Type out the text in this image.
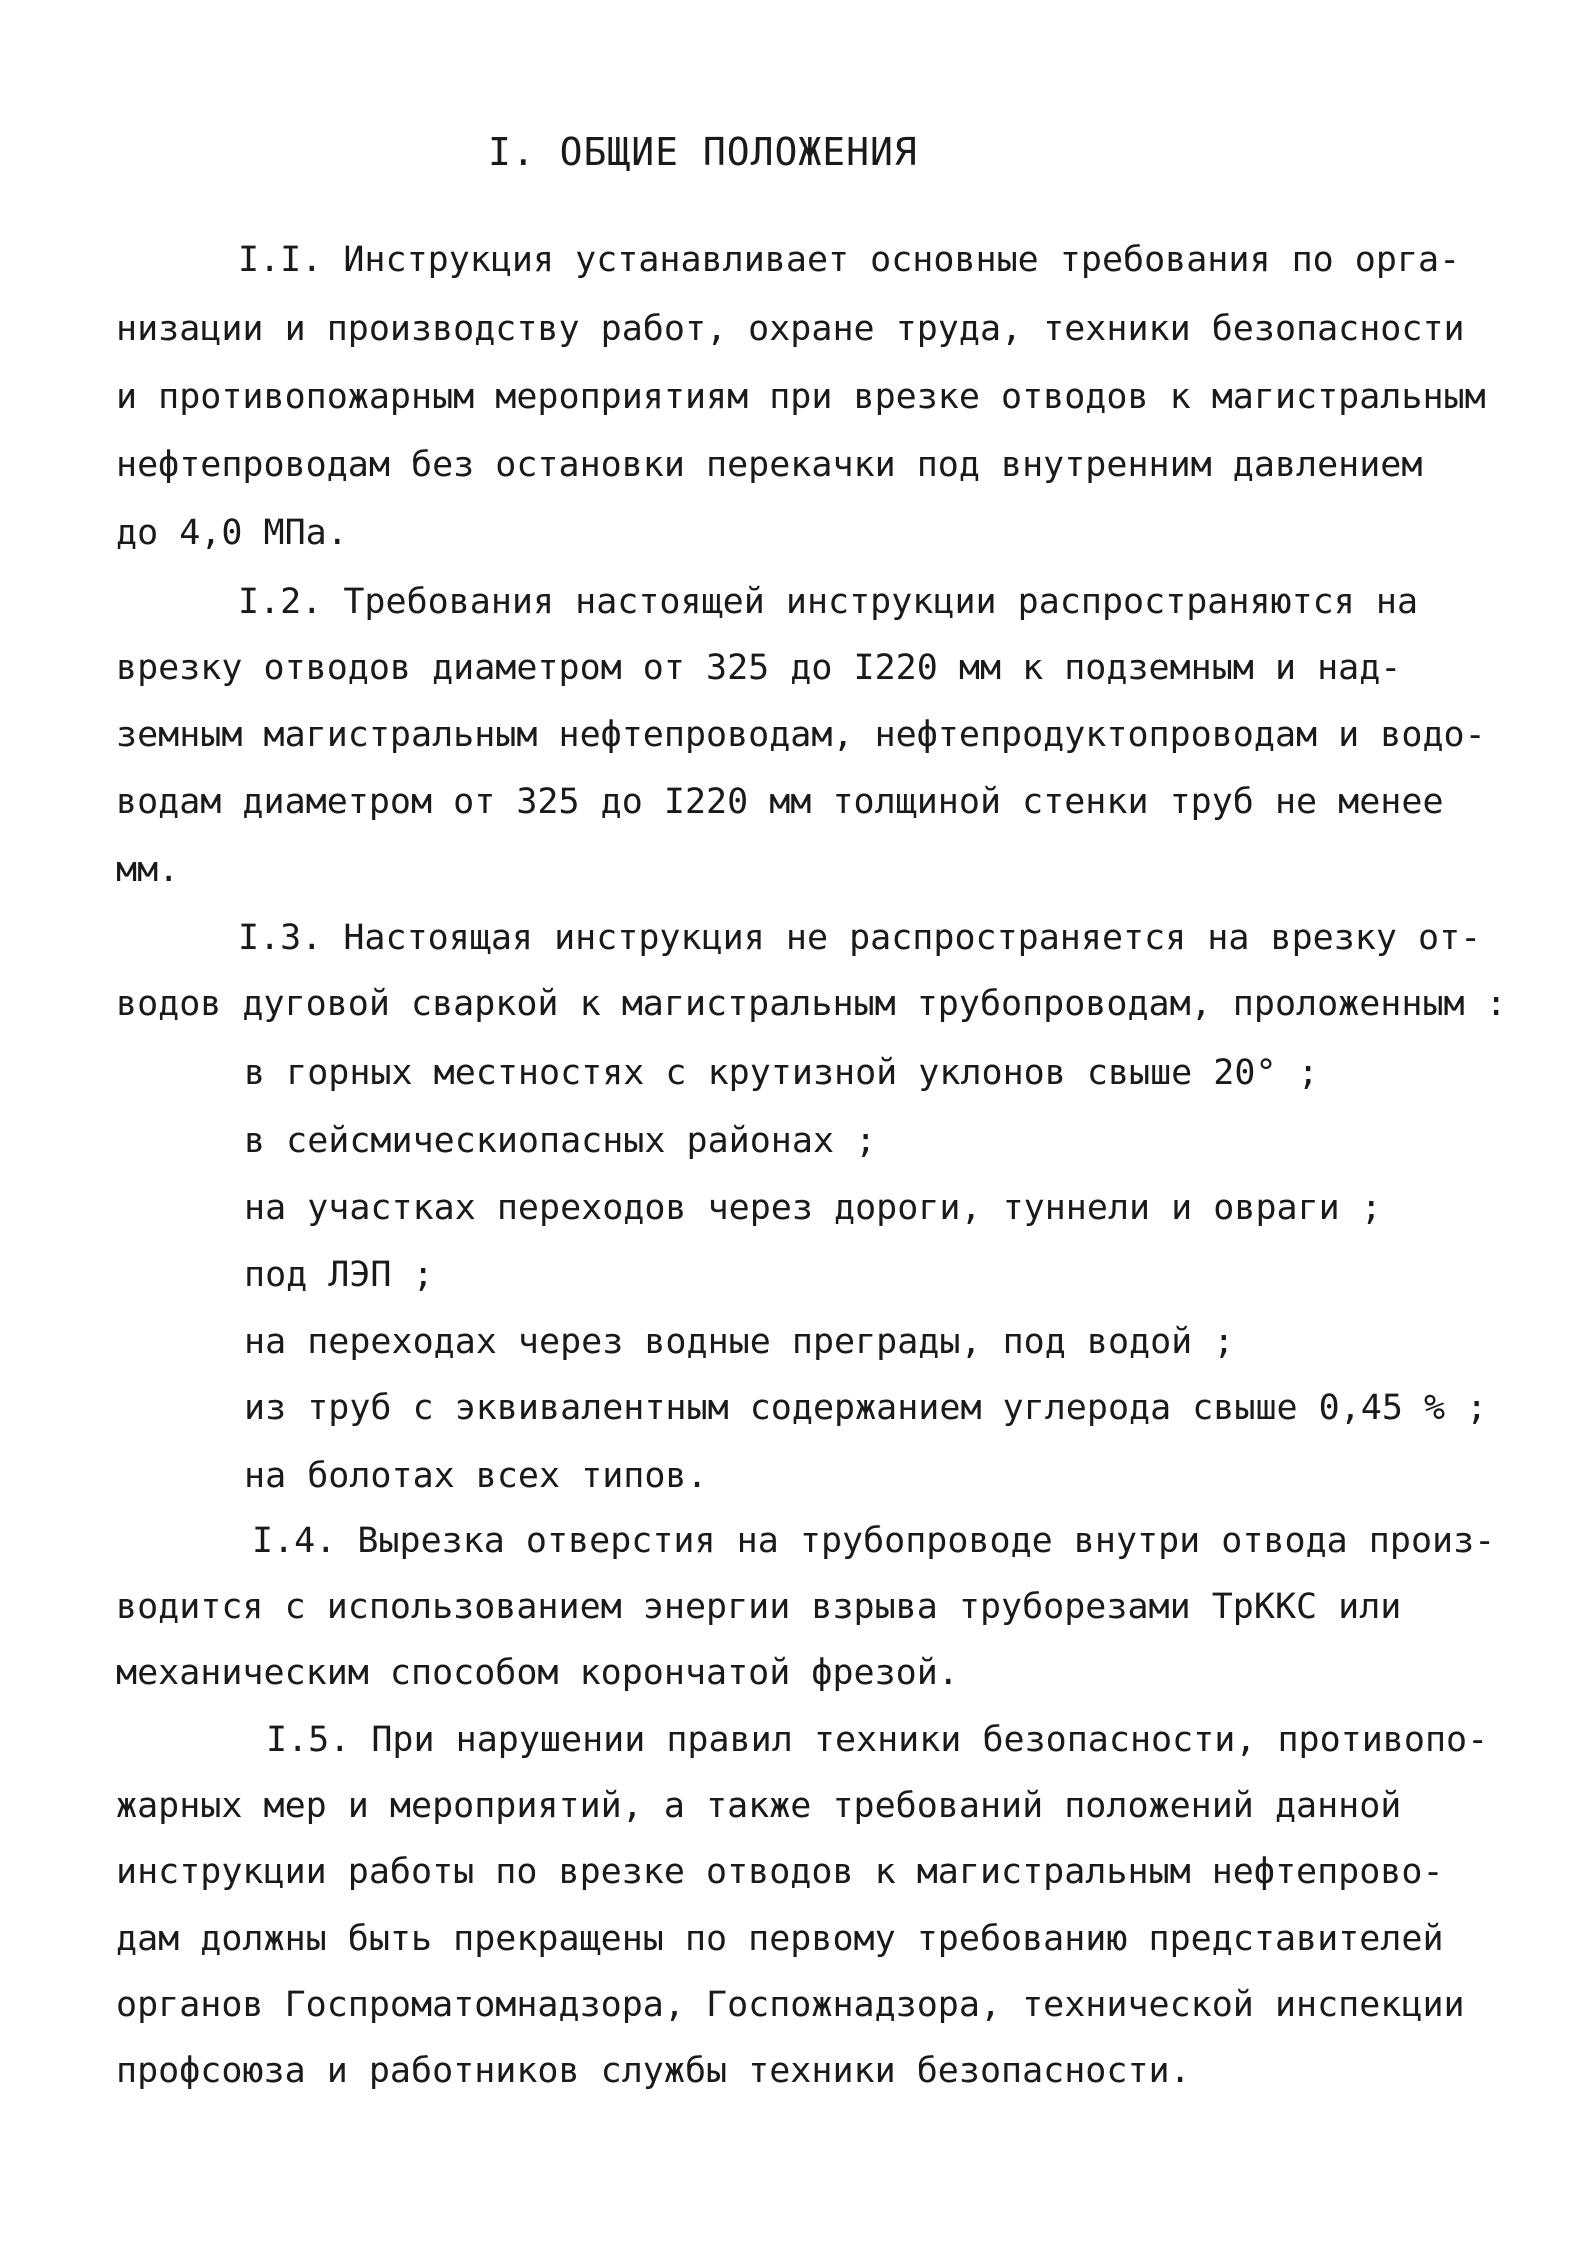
I. ОБЩИЕ ПОЛОЖЕНИЯ
I.I. Инструкция устанавливает основные требования по орга-
низации и производству работ, охране труда, техники безопасности
и противопожарным мероприятиям при врезке отводов к магистральным
нефтепроводам без остановки перекачки под внутренним давлением
до 4,0 МПа.
I.2. Требования настоящей инструкции распространяются на
врезку отводов диаметром от 325 до I220 мм к подземным и над-
земным магистральным нефтепроводам, нефтепродуктопроводам и водо-
водам диаметром от 325 до I220 мм толщиной стенки труб не менее
мм.
I.3. Настоящая инструкция не распространяется на врезку от-
водов дуговой сваркой к магистральным трубопроводам, проложенным :
в горных местностях с крутизной уклонов свыше 20° ;
в сейсмическиопасных районах ;
на участках переходов через дороги, туннели и овраги ;
под ЛЭП ;
на переходах через водные преграды, под водой ;
из труб с эквивалентным содержанием углерода свыше 0,45 % ;
на болотах всех типов.
I.4. Вырезка отверстия на трубопроводе внутри отвода произ-
водится с использованием энергии взрыва труборезами ТрККС или
механическим способом корончатой фрезой.
I.5. При нарушении правил техники безопасности, противопо-
жарных мер и мероприятий, а также требований положений данной
инструкции работы по врезке отводов к магистральным нефтепрово-
дам должны быть прекращены по первому требованию представителей
органов Госпроматомнадзора, Госпожнадзора, технической инспекции
профсоюза и работников службы техники безопасности.
